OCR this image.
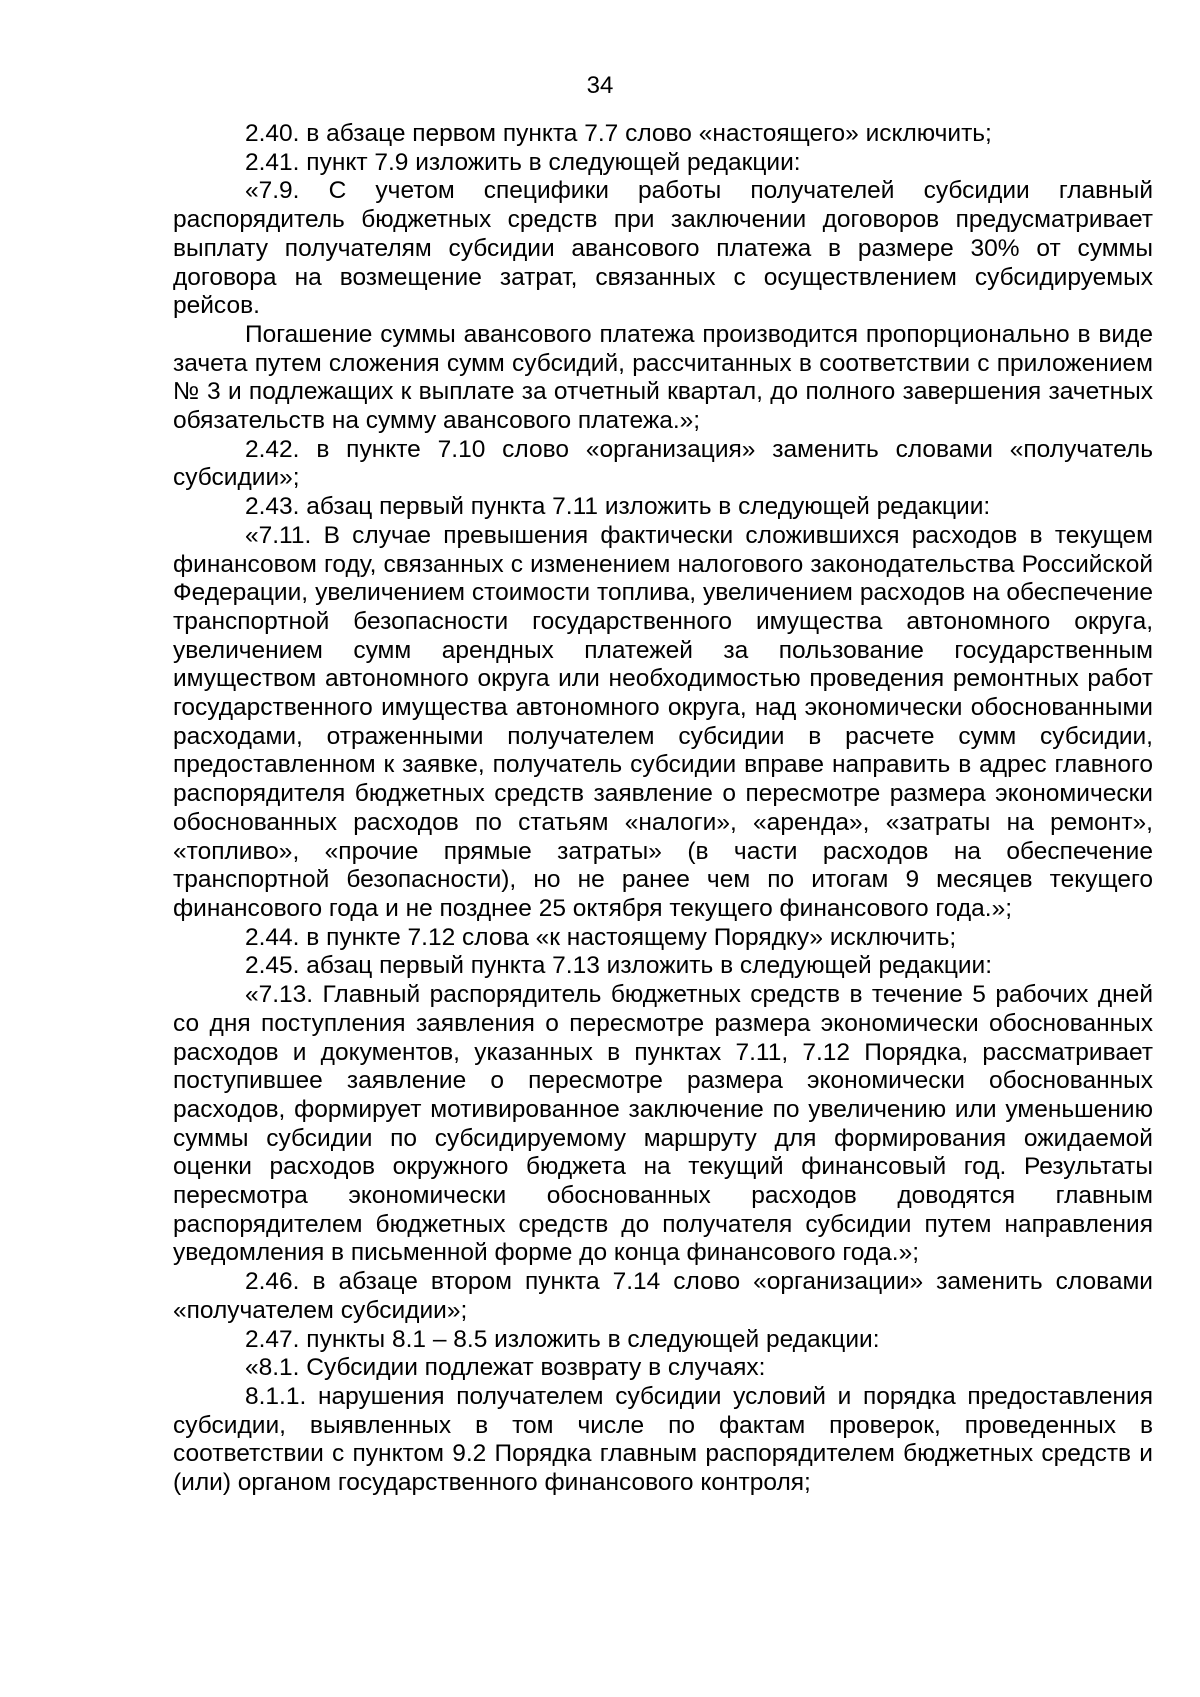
34

2.40. в абзаце первом пункта 7.7 слово «настоящего» исключить;

2.41. пункт 7.9 изложить в следующей редакции:

«7.9. С учетом специфики работы получателей субсидии главный распорядитель бюджетных средств при заключении договоров предусматривает выплату получателям субсидии авансового платежа в размере 30% от суммы договора на возмещение затрат, связанных с осуществлением субсидируемых рейсов.

Погашение суммы авансового платежа производится пропорционально в виде зачета путем сложения сумм субсидий, рассчитанных в соответствии с приложением № 3 и подлежащих к выплате за отчетный квартал, до полного завершения зачетных обязательств на сумму авансового платежа.»;

2.42. в пункте 7.10 слово «организация» заменить словами «получатель субсидии»;

2.43. абзац первый пункта 7.11 изложить в следующей редакции:

«7.11. В случае превышения фактически сложившихся расходов в текущем финансовом году, связанных с изменением налогового законодательства Российской Федерации, увеличением стоимости топлива, увеличением расходов на обеспечение транспортной безопасности государственного имущества автономного округа, увеличением сумм арендных платежей за пользование государственным имуществом автономного округа или необходимостью проведения ремонтных работ государственного имущества автономного округа, над экономически обоснованными расходами, отраженными получателем субсидии в расчете сумм субсидии, предоставленном к заявке, получатель субсидии вправе направить в адрес главного распорядителя бюджетных средств заявление о пересмотре размера экономически обоснованных расходов по статьям «налоги», «аренда», «затраты на ремонт», «топливо», «прочие прямые затраты» (в части расходов на обеспечение транспортной безопасности), но не ранее чем по итогам 9 месяцев текущего финансового года и не позднее 25 октября текущего финансового года.»;

2.44. в пункте 7.12 слова «к настоящему Порядку» исключить;

2.45. абзац первый пункта 7.13 изложить в следующей редакции:

«7.13. Главный распорядитель бюджетных средств в течение 5 рабочих дней со дня поступления заявления о пересмотре размера экономически обоснованных расходов и документов, указанных в пунктах 7.11, 7.12 Порядка, рассматривает поступившее заявление о пересмотре размера экономически обоснованных расходов, формирует мотивированное заключение по увеличению или уменьшению суммы субсидии по субсидируемому маршруту для формирования ожидаемой оценки расходов окружного бюджета на текущий финансовый год. Результаты пересмотра экономически обоснованных расходов доводятся главным распорядителем бюджетных средств до получателя субсидии путем направления уведомления в письменной форме до конца финансового года.»;

2.46. в абзаце втором пункта 7.14 слово «организации» заменить словами «получателем субсидии»;

2.47. пункты 8.1 – 8.5 изложить в следующей редакции:

«8.1. Субсидии подлежат возврату в случаях:

8.1.1. нарушения получателем субсидии условий и порядка предоставления субсидии, выявленных в том числе по фактам проверок, проведенных в соответствии с пунктом 9.2 Порядка главным распорядителем бюджетных средств и (или) органом государственного финансового контроля;
